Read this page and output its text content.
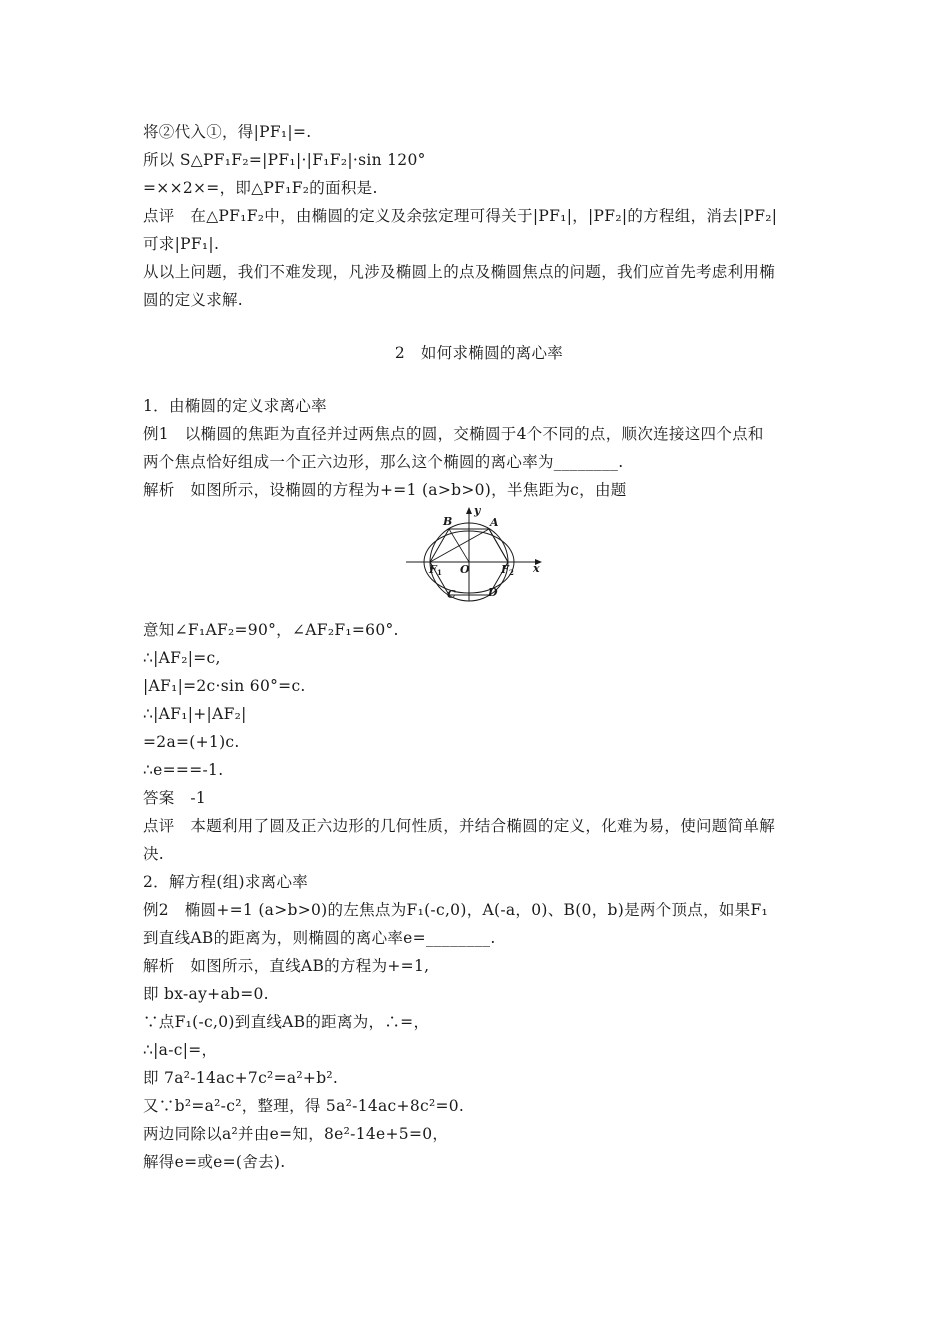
将②代入①，得|PF₁|=.
所以 S△PF₁F₂=|PF₁|·|F₁F₂|·sin 120°
=××2×=，即△PF₁F₂的面积是.
点评　在△PF₁F₂中，由椭圆的定义及余弦定理可得关于|PF₁|，|PF₂|的方程组，消去|PF₂|
可求|PF₁|.
从以上问题，我们不难发现，凡涉及椭圆上的点及椭圆焦点的问题，我们应首先考虑利用椭
圆的定义求解.
2　如何求椭圆的离心率
1．由椭圆的定义求离心率
例1　以椭圆的焦距为直径并过两焦点的圆，交椭圆于4个不同的点，顺次连接这四个点和
两个焦点恰好组成一个正六边形，那么这个椭圆的离心率为________.
解析　如图所示，设椭圆的方程为+=1 (a>b>0)，半焦距为c，由题
y
x
B	A
F 1 O	F 2
C	D
意知∠F₁AF₂=90°，∠AF₂F₁=60°.
∴|AF₂|=c,
|AF₁|=2c·sin 60°=c.
∴|AF₁|+|AF₂|
=2a=(+1)c.
∴e===-1.
答案　-1
点评　本题利用了圆及正六边形的几何性质，并结合椭圆的定义，化难为易，使问题简单解
决.
2．解方程(组)求离心率
例2　椭圆+=1 (a>b>0)的左焦点为F₁(-c,0)，A(-a，0)、B(0，b)是两个顶点，如果F₁
到直线AB的距离为，则椭圆的离心率e=________.
解析　如图所示，直线AB的方程为+=1,
即 bx-ay+ab=0.
∵点F₁(-c,0)到直线AB的距离为，∴=，
∴|a-c|=，
即 7a²-14ac+7c²=a²+b².
又∵b²=a²-c²，整理，得 5a²-14ac+8c²=0.
两边同除以a²并由e=知，8e²-14e+5=0，
解得e=或e=(舍去).
